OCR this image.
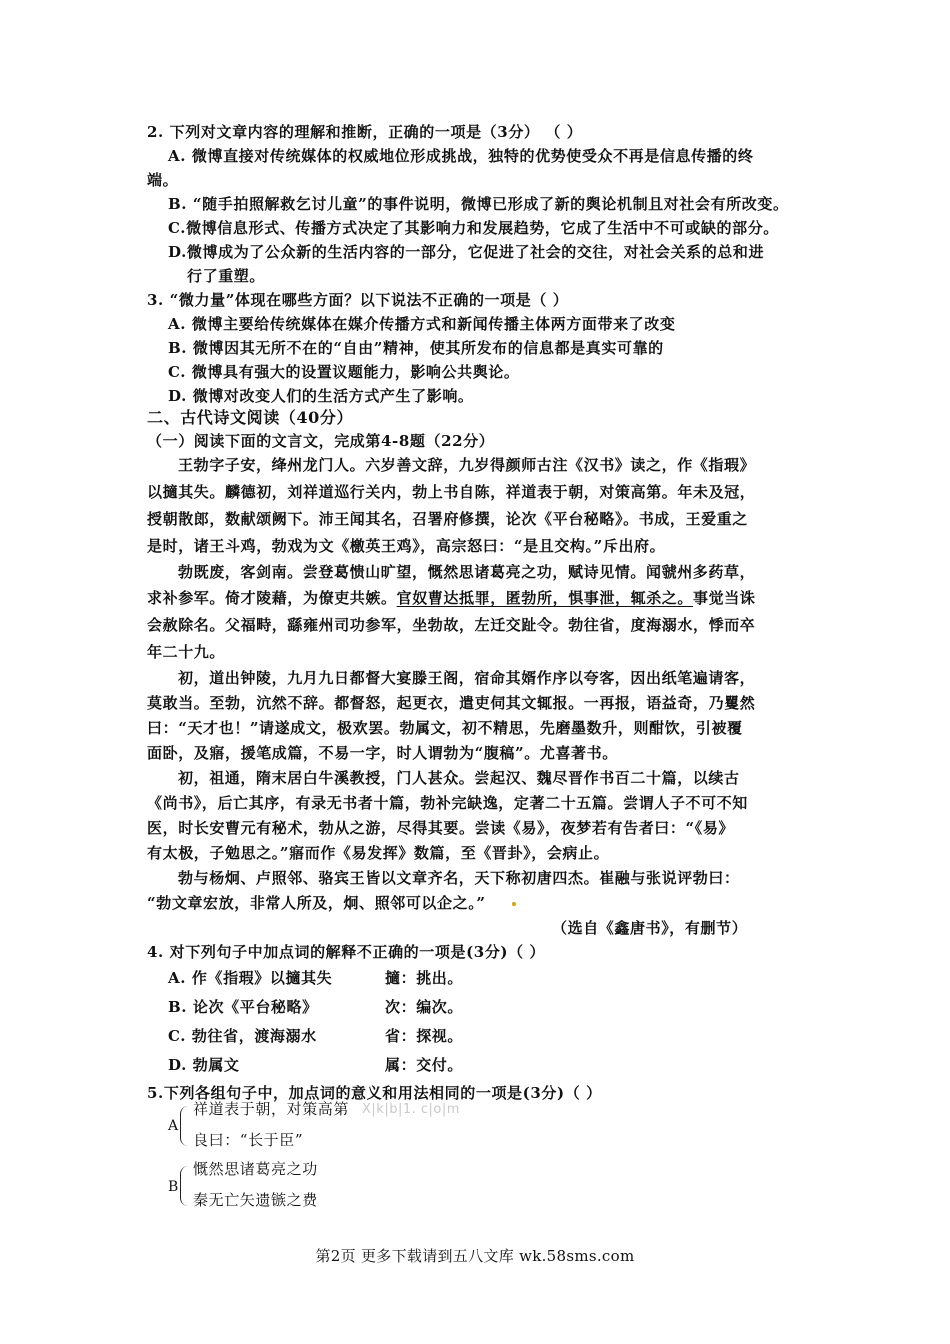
2. 下列对文章内容的理解和推断，正确的一项是（3分） （ ）
A. 微博直接对传统媒体的权威地位形成挑战，独特的优势使受众不再是信息传播的终
端。
B. “随手拍照解救乞讨儿童”的事件说明，微博已形成了新的舆论机制且对社会有所改变。
C.微博信息形式、传播方式决定了其影响力和发展趋势，它成了生活中不可或缺的部分。
D.微博成为了公众新的生活内容的一部分，它促进了社会的交往，对社会关系的总和进
行了重塑。
3. “微力量”体现在哪些方面？以下说法不正确的一项是（ ）
A. 微博主要给传统媒体在媒介传播方式和新闻传播主体两方面带来了改变
B. 微博因其无所不在的“自由”精神，使其所发布的信息都是真实可靠的
C. 微博具有强大的设置议题能力，影响公共舆论。
D. 微博对改变人们的生活方式产生了影响。
二、古代诗文阅读（40分）
（一）阅读下面的文言文，完成第4-8题（22分）
王勃字子安，绛州龙门人。六岁善文辞，九岁得颜师古注《汉书》读之，作《指瑕》
以擿其失。麟德初，刘祥道巡行关内，勃上书自陈，祥道表于朝，对策高第。年未及冠，
授朝散郎，数献颂阙下。沛王闻其名，召署府修撰，论次《平台秘略》。书成，王爱重之
是时，诸王斗鸡，勃戏为文《檄英王鸡》，高宗怒曰：“是且交构。”斥出府。
勃既废，客剑南。尝登葛愦山旷望，慨然思诸葛亮之功，赋诗见情。闻虢州多药草，
求补参军。倚才陵藉，为僚吏共嫉。官奴曹达抵罪，匿勃所，惧事泄，辄杀之。事觉当诛
会赦除名。父福畤，繇雍州司功参军，坐勃故，左迁交趾令。勃往省，度海溺水，悸而卒
年二十九。
初，道出钟陵，九月九日都督大宴滕王阁，宿命其婿作序以夸客，因出纸笔遍请客，
莫敢当。至勃，沆然不辞。都督怒，起更衣，遣吏伺其文辄报。一再报，语益奇，乃矍然
曰：“天才也！”请遂成文，极欢罢。勃属文，初不精思，先磨墨数升，则酣饮，引被覆
面卧，及寤，援笔成篇，不易一字，时人谓勃为“腹稿”。尤喜著书。
初，祖通，隋末居白牛溪教授，门人甚众。尝起汉、魏尽晋作书百二十篇，以续古
《尚书》，后亡其序，有录无书者十篇，勃补完缺逸，定著二十五篇。尝谓人子不可不知
医，时长安曹元有秘术，勃从之游，尽得其要。尝读《易》，夜梦若有告者曰：“《易》
有太极，子勉思之。”寤而作《易发挥》数篇，至《晋卦》，会病止。
勃与杨炯、卢照邻、骆宾王皆以文章齐名，天下称初唐四杰。崔融与张说评勃曰：
“勃文章宏放，非常人所及，炯、照邻可以企之。”
（选自《鑫唐书》，有删节）
4. 对下列句子中加点词的解释不正确的一项是(3分)（ ）
A. 作《指瑕》以擿其失	擿：挑出。
B. 论次《平台秘略》	次：编次。
C. 勃往省，渡海溺水	省：探视。
D. 勃属文	属：交付。
5.下列各组句子中，加点词的意义和用法相同的一项是(3分)（ ）
A
祥道表于朝，对策高第
良曰：“长于臣”
X|k|b|1. c|o|m
B
慨然思诸葛亮之功
秦无亡矢遗镞之费
第2页 更多下载请到五八文库 wk.58sms.com
